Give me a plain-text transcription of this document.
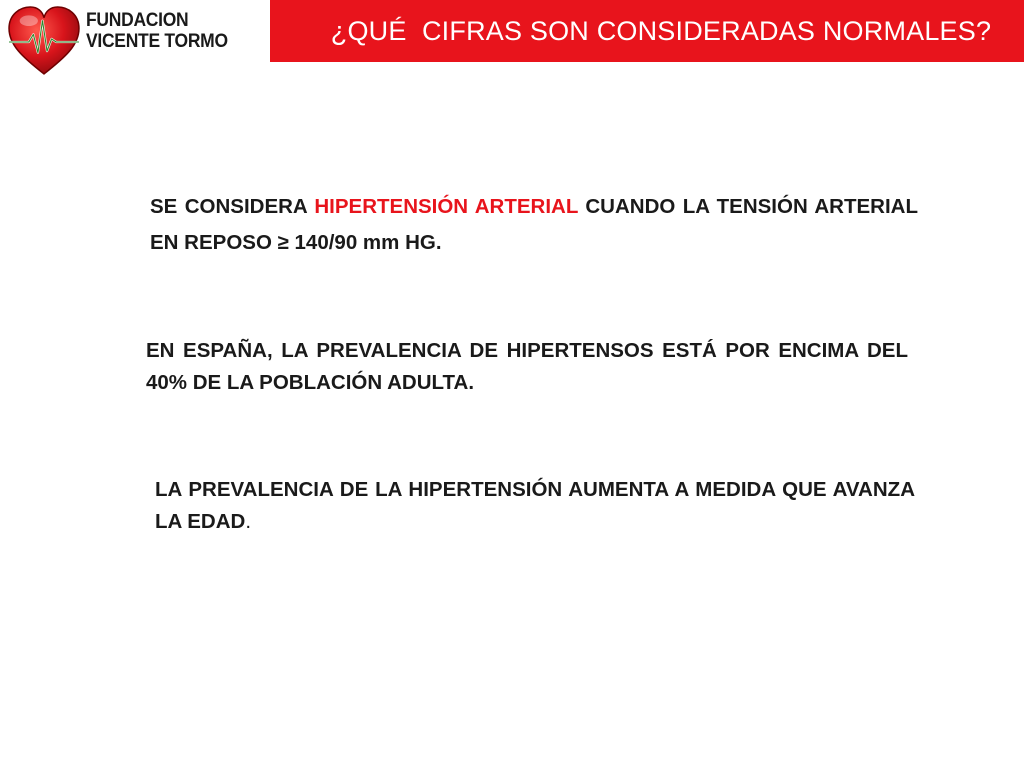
FUNDACION
VICENTE TORMO	¿QUÉ  CIFRAS SON CONSIDERADAS NORMALES?
SE CONSIDERA HIPERTENSIÓN ARTERIAL CUANDO LA TENSIÓN ARTERIAL EN REPOSO ≥ 140/90 mm HG.
EN ESPAÑA, LA PREVALENCIA DE HIPERTENSOS ESTÁ POR ENCIMA DEL 40% DE LA POBLACIÓN ADULTA.
LA PREVALENCIA DE LA HIPERTENSIÓN AUMENTA A MEDIDA QUE AVANZA LA EDAD.
